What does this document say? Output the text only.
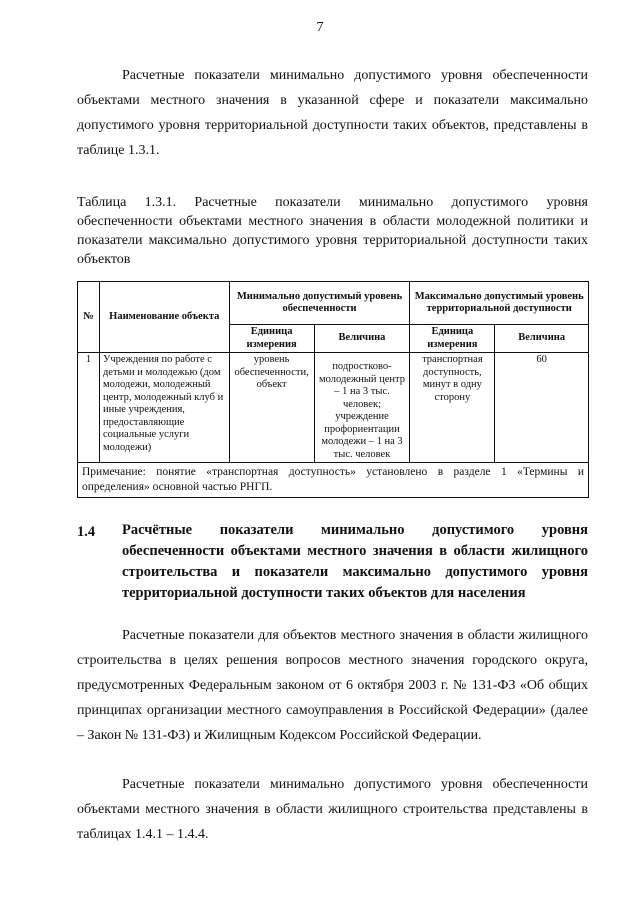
7

Расчетные показатели минимально допустимого уровня обеспеченности объектами местного значения в указанной сфере и показатели максимально допустимого уровня территориальной доступности таких объектов, представлены в таблице 1.3.1.

Таблица 1.3.1. Расчетные показатели минимально допустимого уровня обеспеченности объектами местного значения в области молодежной политики и показатели максимально допустимого уровня территориальной доступности таких объектов

№	Наименование объекта	Минимально допустимый уровень обеспеченности		Максимально допустимый уровень территориальной доступности	
		Единица измерения	Величина	Единица измерения	Величина
1	Учреждения по работе с детьми и молодежью (дом молодежи, молодежный центр, молодежный клуб и иные учреждения, предоставляющие социальные услуги молодежи)	уровень обеспеченности, объект	подростково-молодежный центр – 1 на 3 тыс. человек; учреждение профориентации молодежи – 1 на 3 тыс. человек	транспортная доступность, минут в одну сторону	60
Примечание: понятие «транспортная доступность» установлено в разделе 1 «Термины и определения» основной частью РНГП.					
1.4 Расчётные показатели минимально допустимого уровня обеспеченности объектами местного значения в области жилищного строительства и показатели максимально допустимого уровня территориальной доступности таких объектов для населения

Расчетные показатели для объектов местного значения в области жилищного строительства в целях решения вопросов местного значения городского округа, предусмотренных Федеральным законом от 6 октября 2003 г. № 131-ФЗ «Об общих принципах организации местного самоуправления в Российской Федерации» (далее – Закон № 131-ФЗ) и Жилищным Кодексом Российской Федерации.

Расчетные показатели минимально допустимого уровня обеспеченности объектами местного значения в области жилищного строительства представлены в таблицах 1.4.1 – 1.4.4.
